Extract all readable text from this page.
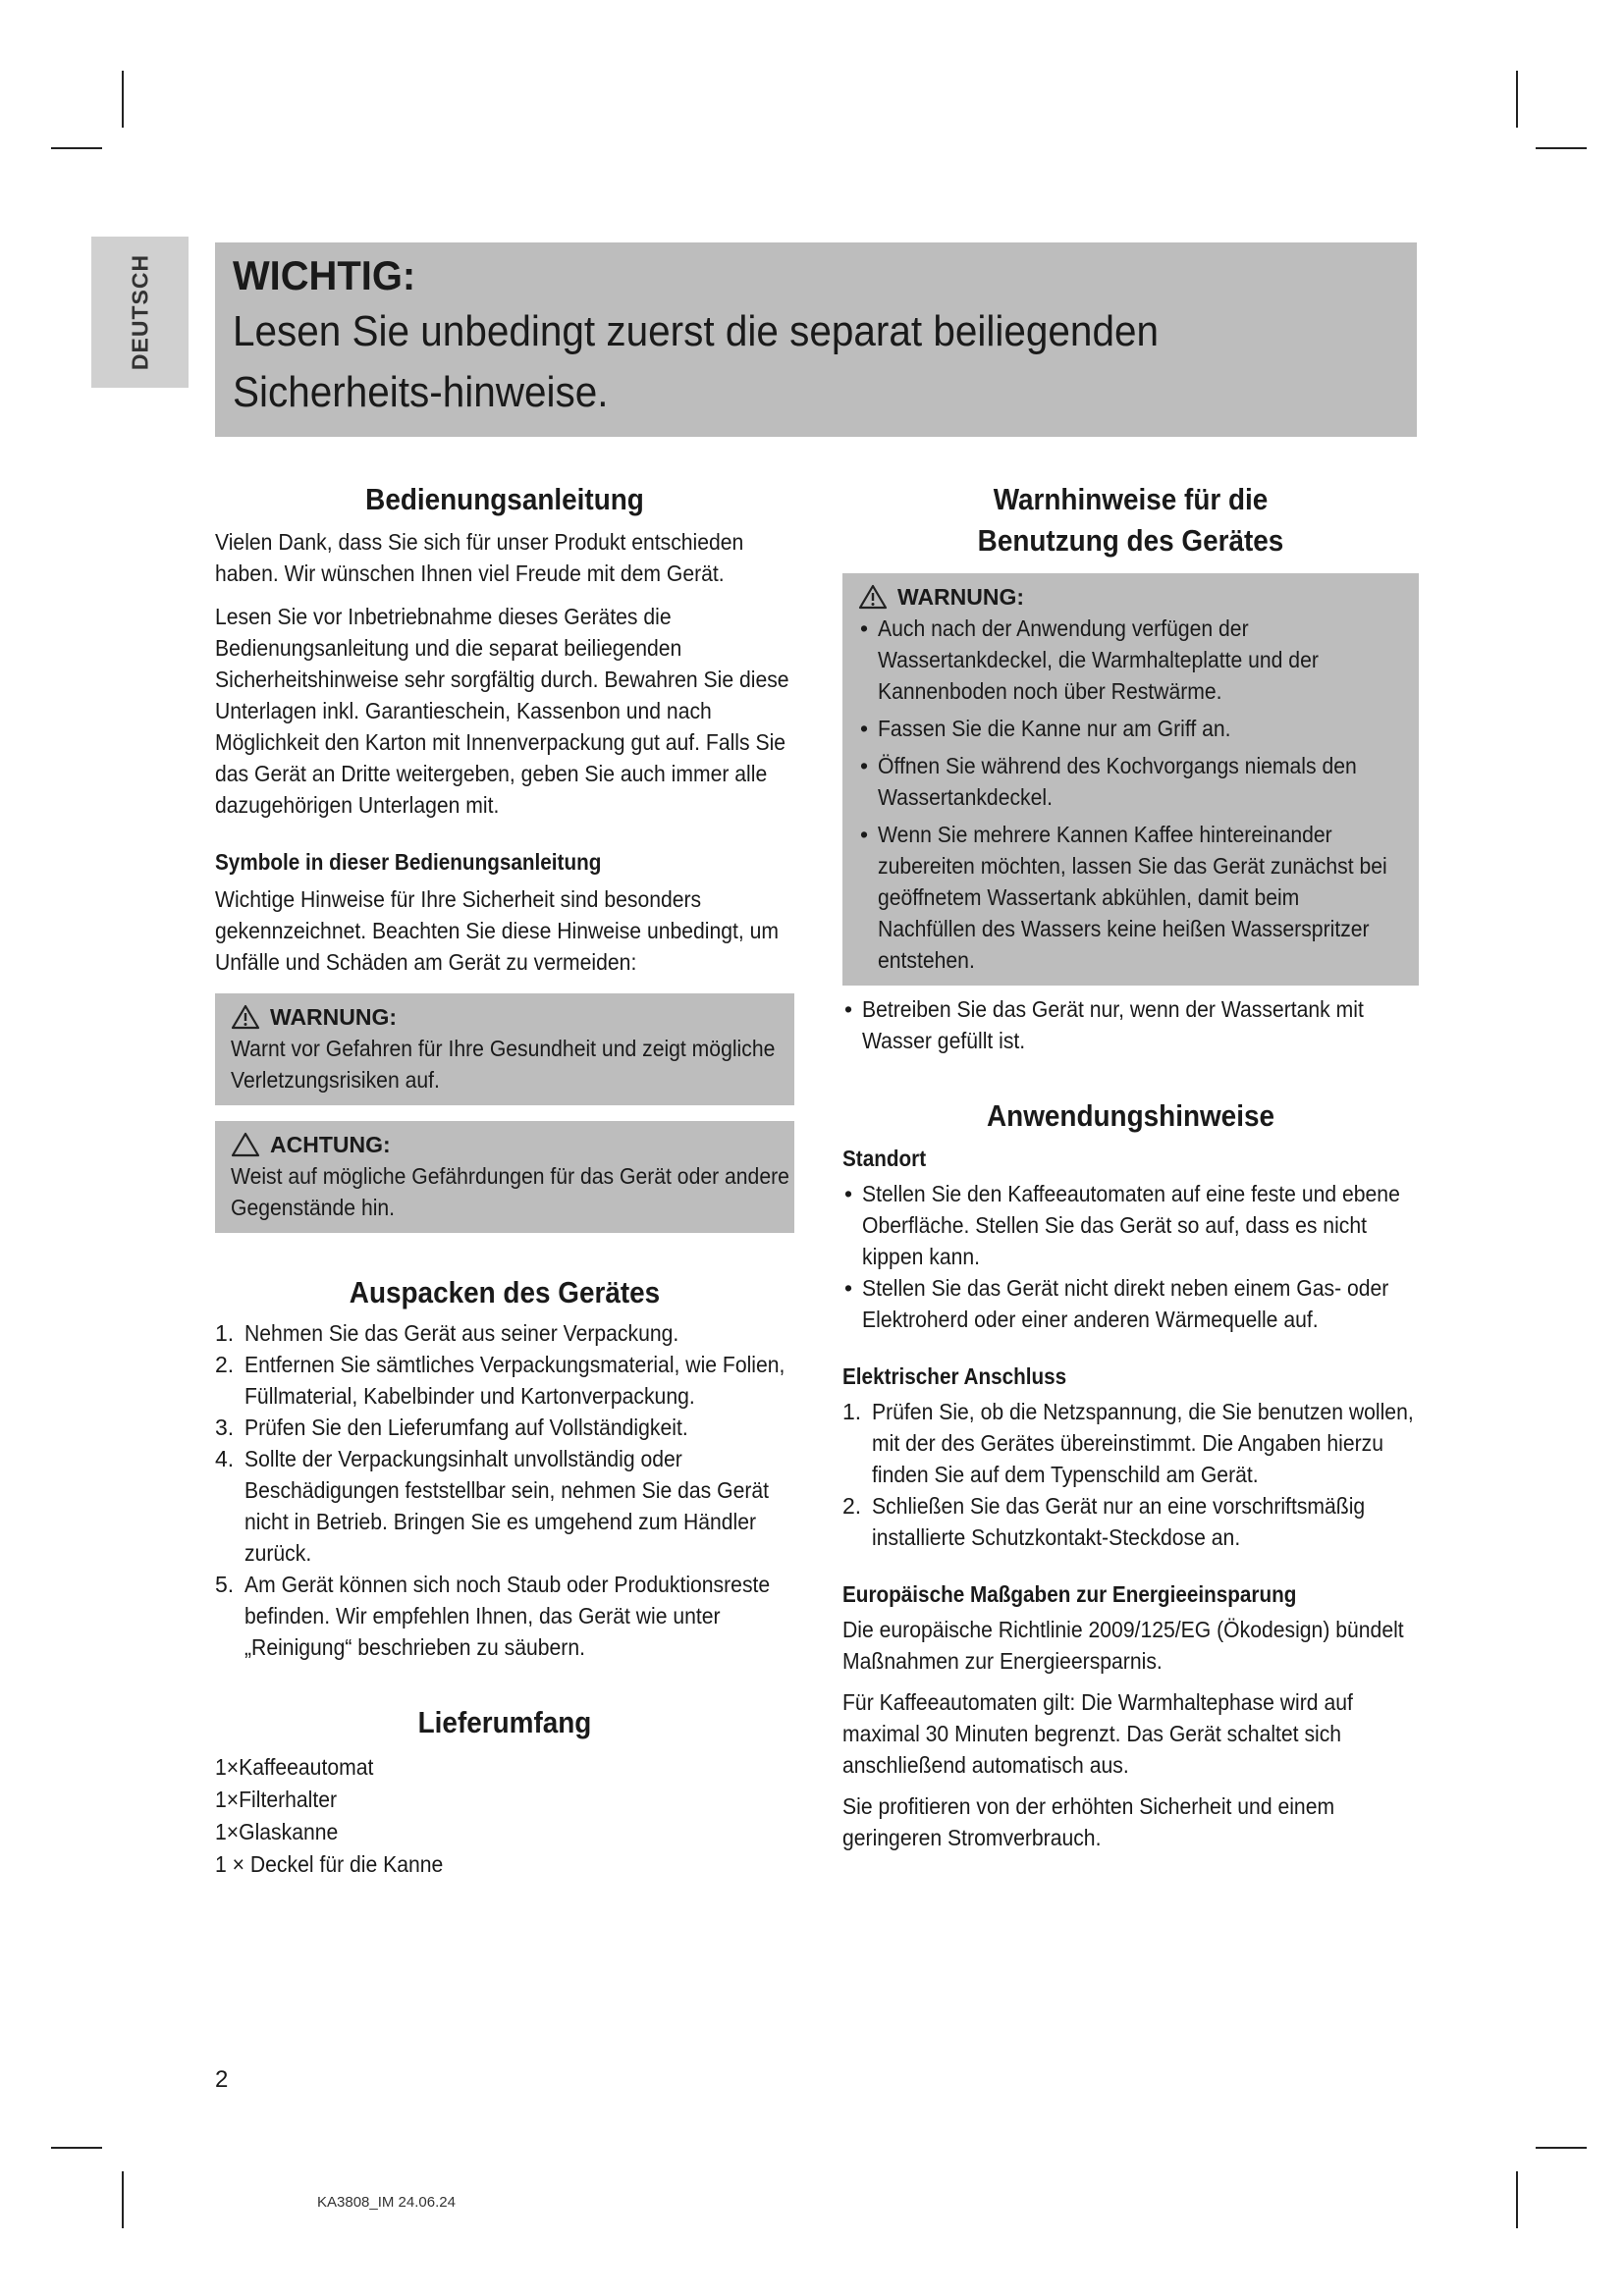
DEUTSCH WICHTIG:
Lesen Sie unbedingt zuerst die separat beiliegenden Sicherheits-hinweise.
Bedienungsanleitung

Vielen Dank, dass Sie sich für unser Produkt entschieden haben. Wir wünschen Ihnen viel Freude mit dem Gerät.

Lesen Sie vor Inbetriebnahme dieses Gerätes die Bedienungsanleitung und die separat beiliegenden Sicherheitshinweise sehr sorgfältig durch. Bewahren Sie diese Unterlagen inkl. Garantieschein, Kassenbon und nach Möglichkeit den Karton mit Innenverpackung gut auf. Falls Sie das Gerät an Dritte weitergeben, geben Sie auch immer alle dazugehörigen Unterlagen mit.

Symbole in dieser Bedienungsanleitung

Wichtige Hinweise für Ihre Sicherheit sind besonders gekennzeichnet. Beachten Sie diese Hinweise unbedingt, um Unfälle und Schäden am Gerät zu vermeiden:

WARNUNG:

Warnt vor Gefahren für Ihre Gesundheit und zeigt mögliche Verletzungsrisiken auf.

ACHTUNG:

Weist auf mögliche Gefährdungen für das Gerät oder andere Gegenstände hin.

Auspacken des Gerätes
1. Nehmen Sie das Gerät aus seiner Verpackung.
2. Entfernen Sie sämtliches Verpackungsmaterial, wie Folien, Füllmaterial, Kabelbinder und Kartonverpackung.
3. Prüfen Sie den Lieferumfang auf Vollständigkeit.
4. Sollte der Verpackungsinhalt unvollständig oder Beschädigungen feststellbar sein, nehmen Sie das Gerät nicht in Betrieb. Bringen Sie es umgehend zum Händler zurück.
5. Am Gerät können sich noch Staub oder Produktionsreste befinden. Wir empfehlen Ihnen, das Gerät wie unter „Reinigung“ beschrieben zu säubern.
Lieferumfang
1×Kaffeeautomat
1×Filterhalter
1×Glaskanne
1 × Deckel für die Kanne
Warnhinweise für die
Benutzung des Gerätes
WARNUNG:
• Auch nach der Anwendung verfügen der Wassertankdeckel, die Warmhalteplatte und der Kannenboden noch über Restwärme.
• Fassen Sie die Kanne nur am Griff an.
• Öffnen Sie während des Kochvorgangs niemals den Wassertankdeckel.
• Wenn Sie mehrere Kannen Kaffee hintereinander zubereiten möchten, lassen Sie das Gerät zunächst bei geöffnetem Wassertank abkühlen, damit beim Nachfüllen des Wassers keine heißen Wasserspritzer entstehen.
• Betreiben Sie das Gerät nur, wenn der Wassertank mit Wasser gefüllt ist.
Anwendungshinweise
Standort
• Stellen Sie den Kaffeeautomaten auf eine feste und ebene Oberfläche. Stellen Sie das Gerät so auf, dass es nicht kippen kann.
• Stellen Sie das Gerät nicht direkt neben einem Gas- oder Elektroherd oder einer anderen Wärmequelle auf.
Elektrischer Anschluss
1. Prüfen Sie, ob die Netzspannung, die Sie benutzen wollen, mit der des Gerätes übereinstimmt. Die Angaben hierzu finden Sie auf dem Typenschild am Gerät.
2. Schließen Sie das Gerät nur an eine vorschriftsmäßig installierte Schutzkontakt-Steckdose an.
Europäische Maßgaben zur Energieeinsparung

Die europäische Richtlinie 2009/125/EG (Ökodesign) bündelt Maßnahmen zur Energieersparnis.

Für Kaffeeautomaten gilt: Die Warmhaltephase wird auf maximal 30 Minuten begrenzt. Das Gerät schaltet sich anschließend automatisch aus.

Sie profitieren von der erhöhten Sicherheit und einem geringeren Stromverbrauch.

2
KA3808_IM 24.06.24
